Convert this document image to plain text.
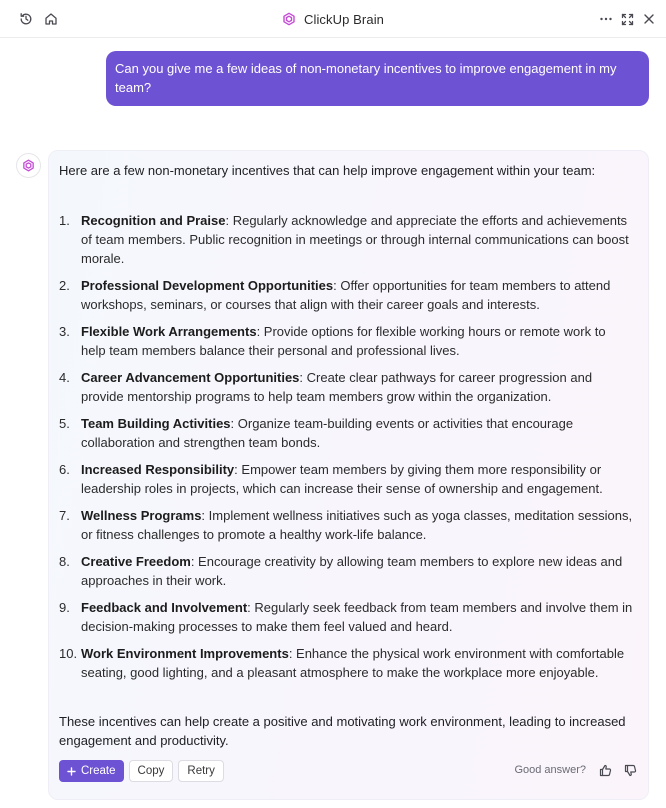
ClickUp Brain
Can you give me a few ideas of non-monetary incentives to improve engagement in my team?
Here are a few non-monetary incentives that can help improve engagement within your team:
1. Recognition and Praise: Regularly acknowledge and appreciate the efforts and achievements of team members. Public recognition in meetings or through internal communications can boost morale.
2. Professional Development Opportunities: Offer opportunities for team members to attend workshops, seminars, or courses that align with their career goals and interests.
3. Flexible Work Arrangements: Provide options for flexible working hours or remote work to help team members balance their personal and professional lives.
4. Career Advancement Opportunities: Create clear pathways for career progression and provide mentorship programs to help team members grow within the organization.
5. Team Building Activities: Organize team-building events or activities that encourage collaboration and strengthen team bonds.
6. Increased Responsibility: Empower team members by giving them more responsibility or leadership roles in projects, which can increase their sense of ownership and engagement.
7. Wellness Programs: Implement wellness initiatives such as yoga classes, meditation sessions, or fitness challenges to promote a healthy work-life balance.
8. Creative Freedom: Encourage creativity by allowing team members to explore new ideas and approaches in their work.
9. Feedback and Involvement: Regularly seek feedback from team members and involve them in decision-making processes to make them feel valued and heard.
10. Work Environment Improvements: Enhance the physical work environment with comfortable seating, good lighting, and a pleasant atmosphere to make the workplace more enjoyable.
These incentives can help create a positive and motivating work environment, leading to increased engagement and productivity.
Create	Copy	Retry	Good answer?
